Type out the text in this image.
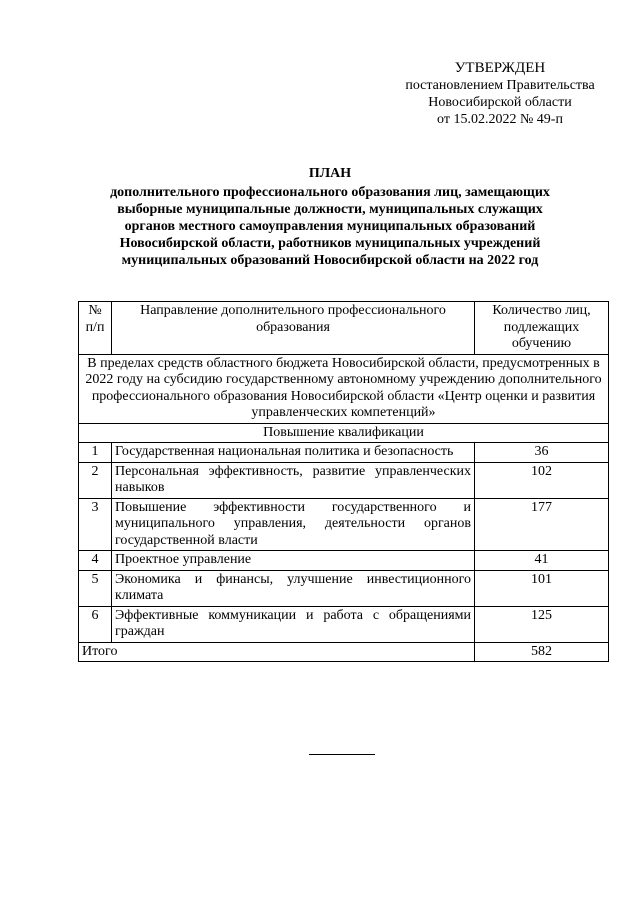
УТВЕРЖДЕН
постановлением Правительства
Новосибирской области
от 15.02.2022 № 49-п
ПЛАН
дополнительного профессионального образования лиц, замещающих
выборные муниципальные должности, муниципальных служащих
органов местного самоуправления муниципальных образований
Новосибирской области, работников муниципальных учреждений
муниципальных образований Новосибирской области на 2022 год
№ п/п	Направление дополнительного профессионального образования	Количество лиц, подлежащих обучению
В пределах средств областного бюджета Новосибирской области, предусмотренных в 2022 году на субсидию государственному автономному учреждению дополнительного профессионального образования Новосибирской области «Центр оценки и развития управленческих компетенций»		
Повышение квалификации		
1	Государственная национальная политика и безопасность	36
2	Персональная эффективность, развитие управленческих навыков	102
3	Повышение эффективности государственного и муниципального управления, деятельности органов государственной власти	177
4	Проектное управление	41
5	Экономика и финансы, улучшение инвестиционного климата	101
6	Эффективные коммуникации и работа с обращениями граждан	125
Итого		582
